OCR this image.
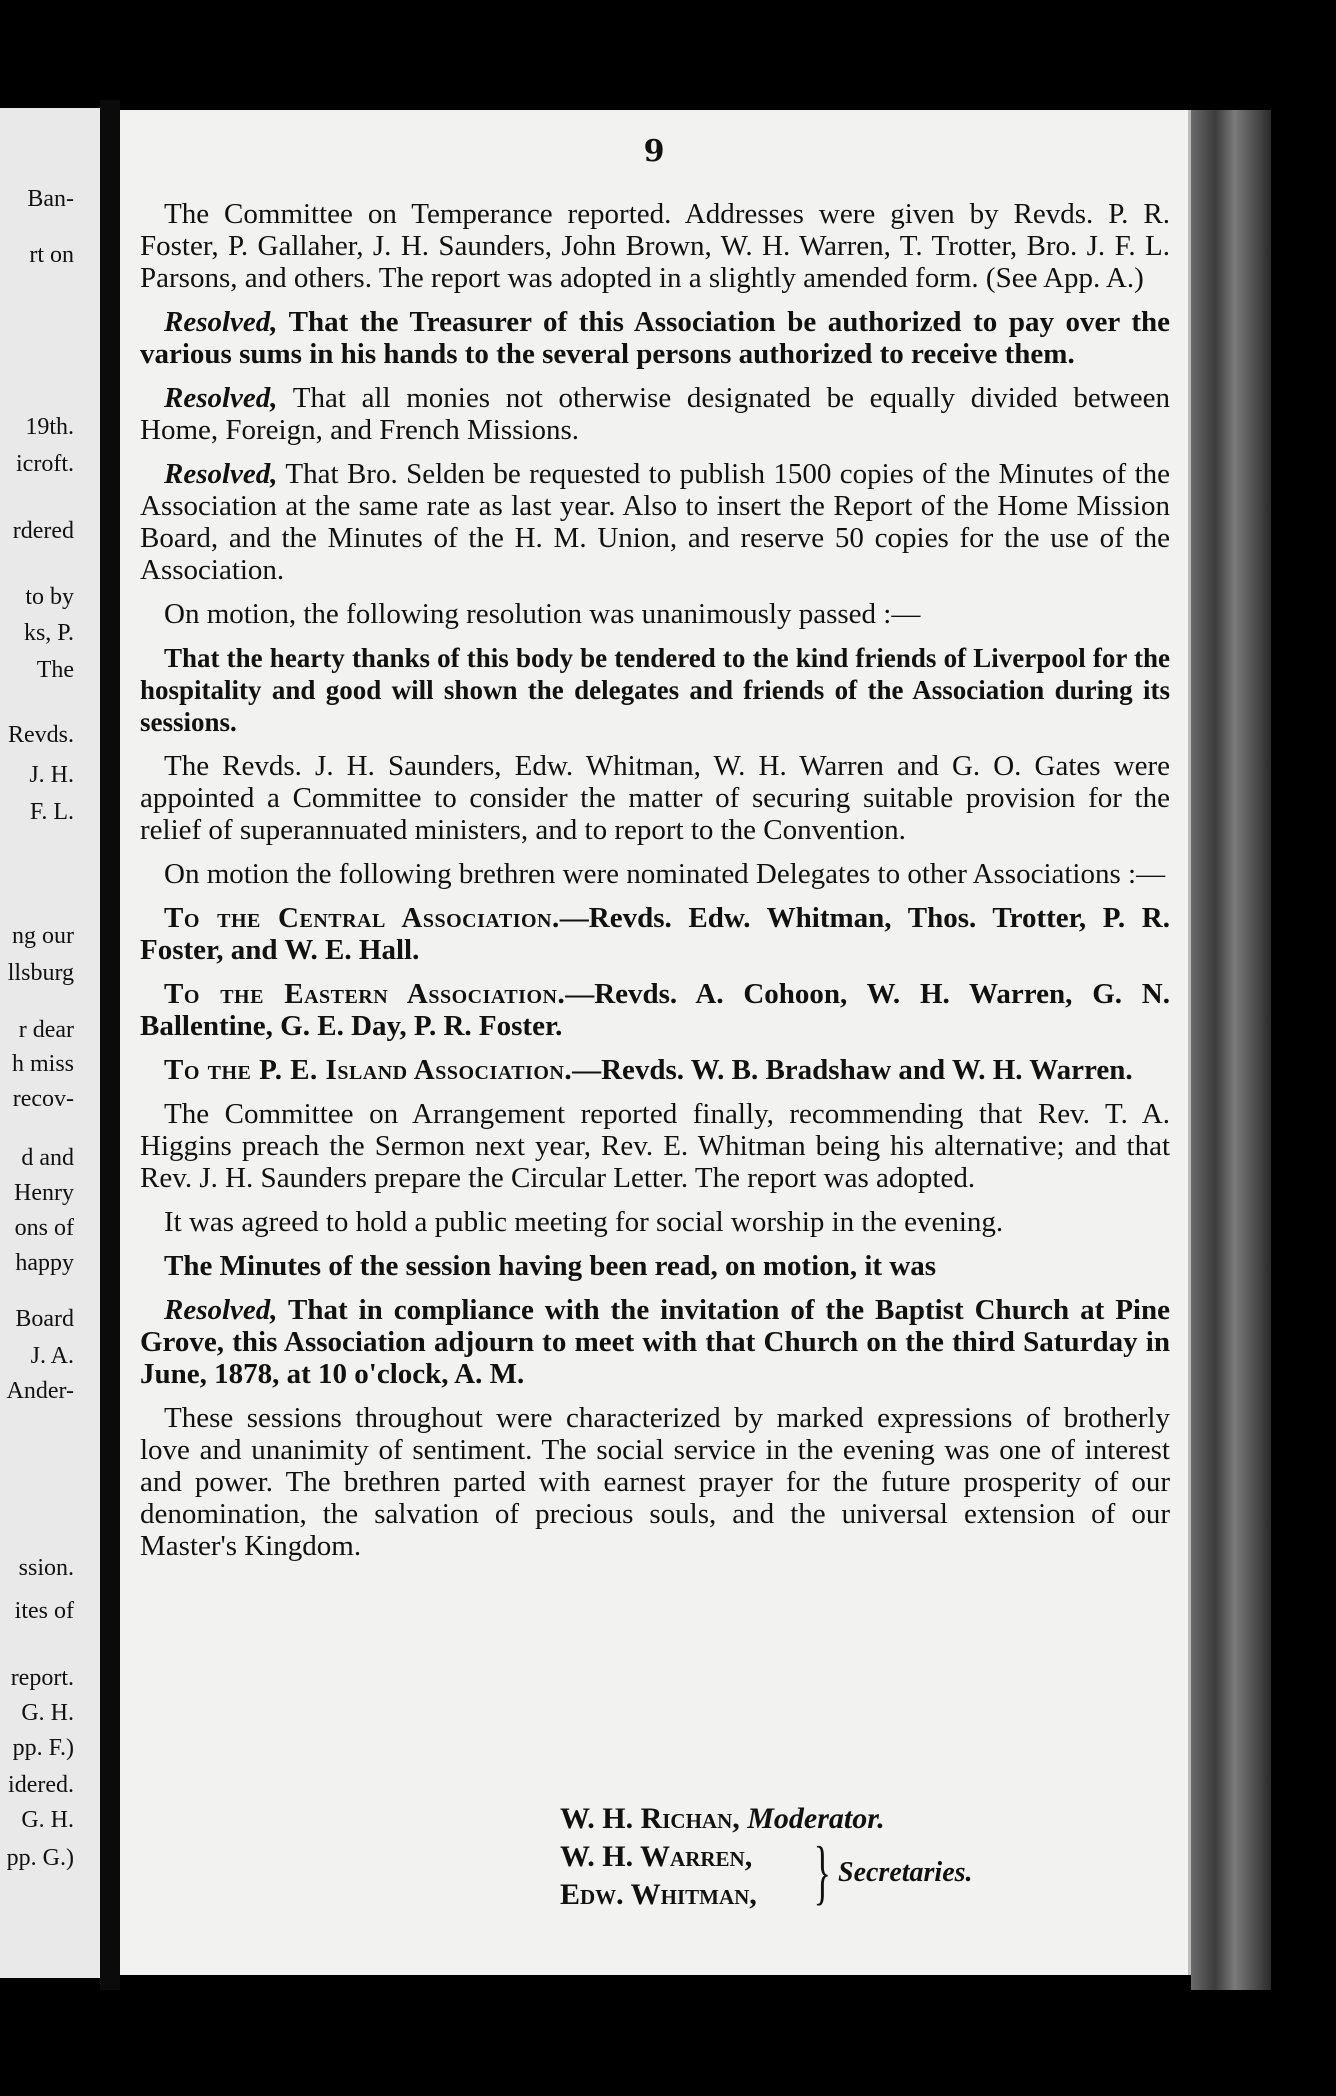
Ban-
rt on
19th.
icroft.
rdered
to by
ks, P.
The
Revds.
J. H.
F. L.
ng our
llsburg
r dear
h miss
recov-
d and
Henry
ons of
happy
Board
J. A.
Ander-
ssion.
ites of
report.
G. H.
pp. F.)
idered.
G. H.
pp. G.)
9

The Committee on Temperance reported. Addresses were given by Revds. P. R. Foster, P. Gallaher, J. H. Saunders, John Brown, W. H. Warren, T. Trotter, Bro. J. F. L. Parsons, and others. The report was adopted in a slightly amended form. (See App. A.)

Resolved, That the Treasurer of this Association be authorized to pay over the various sums in his hands to the several persons authorized to receive them.

Resolved, That all monies not otherwise designated be equally divided between Home, Foreign, and French Missions.

Resolved, That Bro. Selden be requested to publish 1500 copies of the Minutes of the Association at the same rate as last year. Also to insert the Report of the Home Mission Board, and the Minutes of the H. M. Union, and reserve 50 copies for the use of the Association.

On motion, the following resolution was unanimously passed :—

That the hearty thanks of this body be tendered to the kind friends of Liverpool for the hospitality and good will shown the delegates and friends of the Association during its sessions.

The Revds. J. H. Saunders, Edw. Whitman, W. H. Warren and G. O. Gates were appointed a Committee to consider the matter of securing suitable provision for the relief of superannuated ministers, and to report to the Convention.

On motion the following brethren were nominated Delegates to other Associations :—

To the Central Association.—Revds. Edw. Whitman, Thos. Trotter, P. R. Foster, and W. E. Hall.

To the Eastern Association.—Revds. A. Cohoon, W. H. Warren, G. N. Ballentine, G. E. Day, P. R. Foster.

To the P. E. Island Association.—Revds. W. B. Bradshaw and W. H. Warren.

The Committee on Arrangement reported finally, recommending that Rev. T. A. Higgins preach the Sermon next year, Rev. E. Whitman being his alternative; and that Rev. J. H. Saunders prepare the Circular Letter. The report was adopted.

It was agreed to hold a public meeting for social worship in the evening.

The Minutes of the session having been read, on motion, it was

Resolved, That in compliance with the invitation of the Baptist Church at Pine Grove, this Association adjourn to meet with that Church on the third Saturday in June, 1878, at 10 o'clock, A. M.

These sessions throughout were characterized by marked expressions of brotherly love and unanimity of sentiment. The social service in the evening was one of interest and power. The brethren parted with earnest prayer for the future prosperity of our denomination, the salvation of precious souls, and the universal extension of our Master's Kingdom.

W. H. Richan, Moderator.
W. H. Warren,
Edw. Whitman, } Secretaries.
